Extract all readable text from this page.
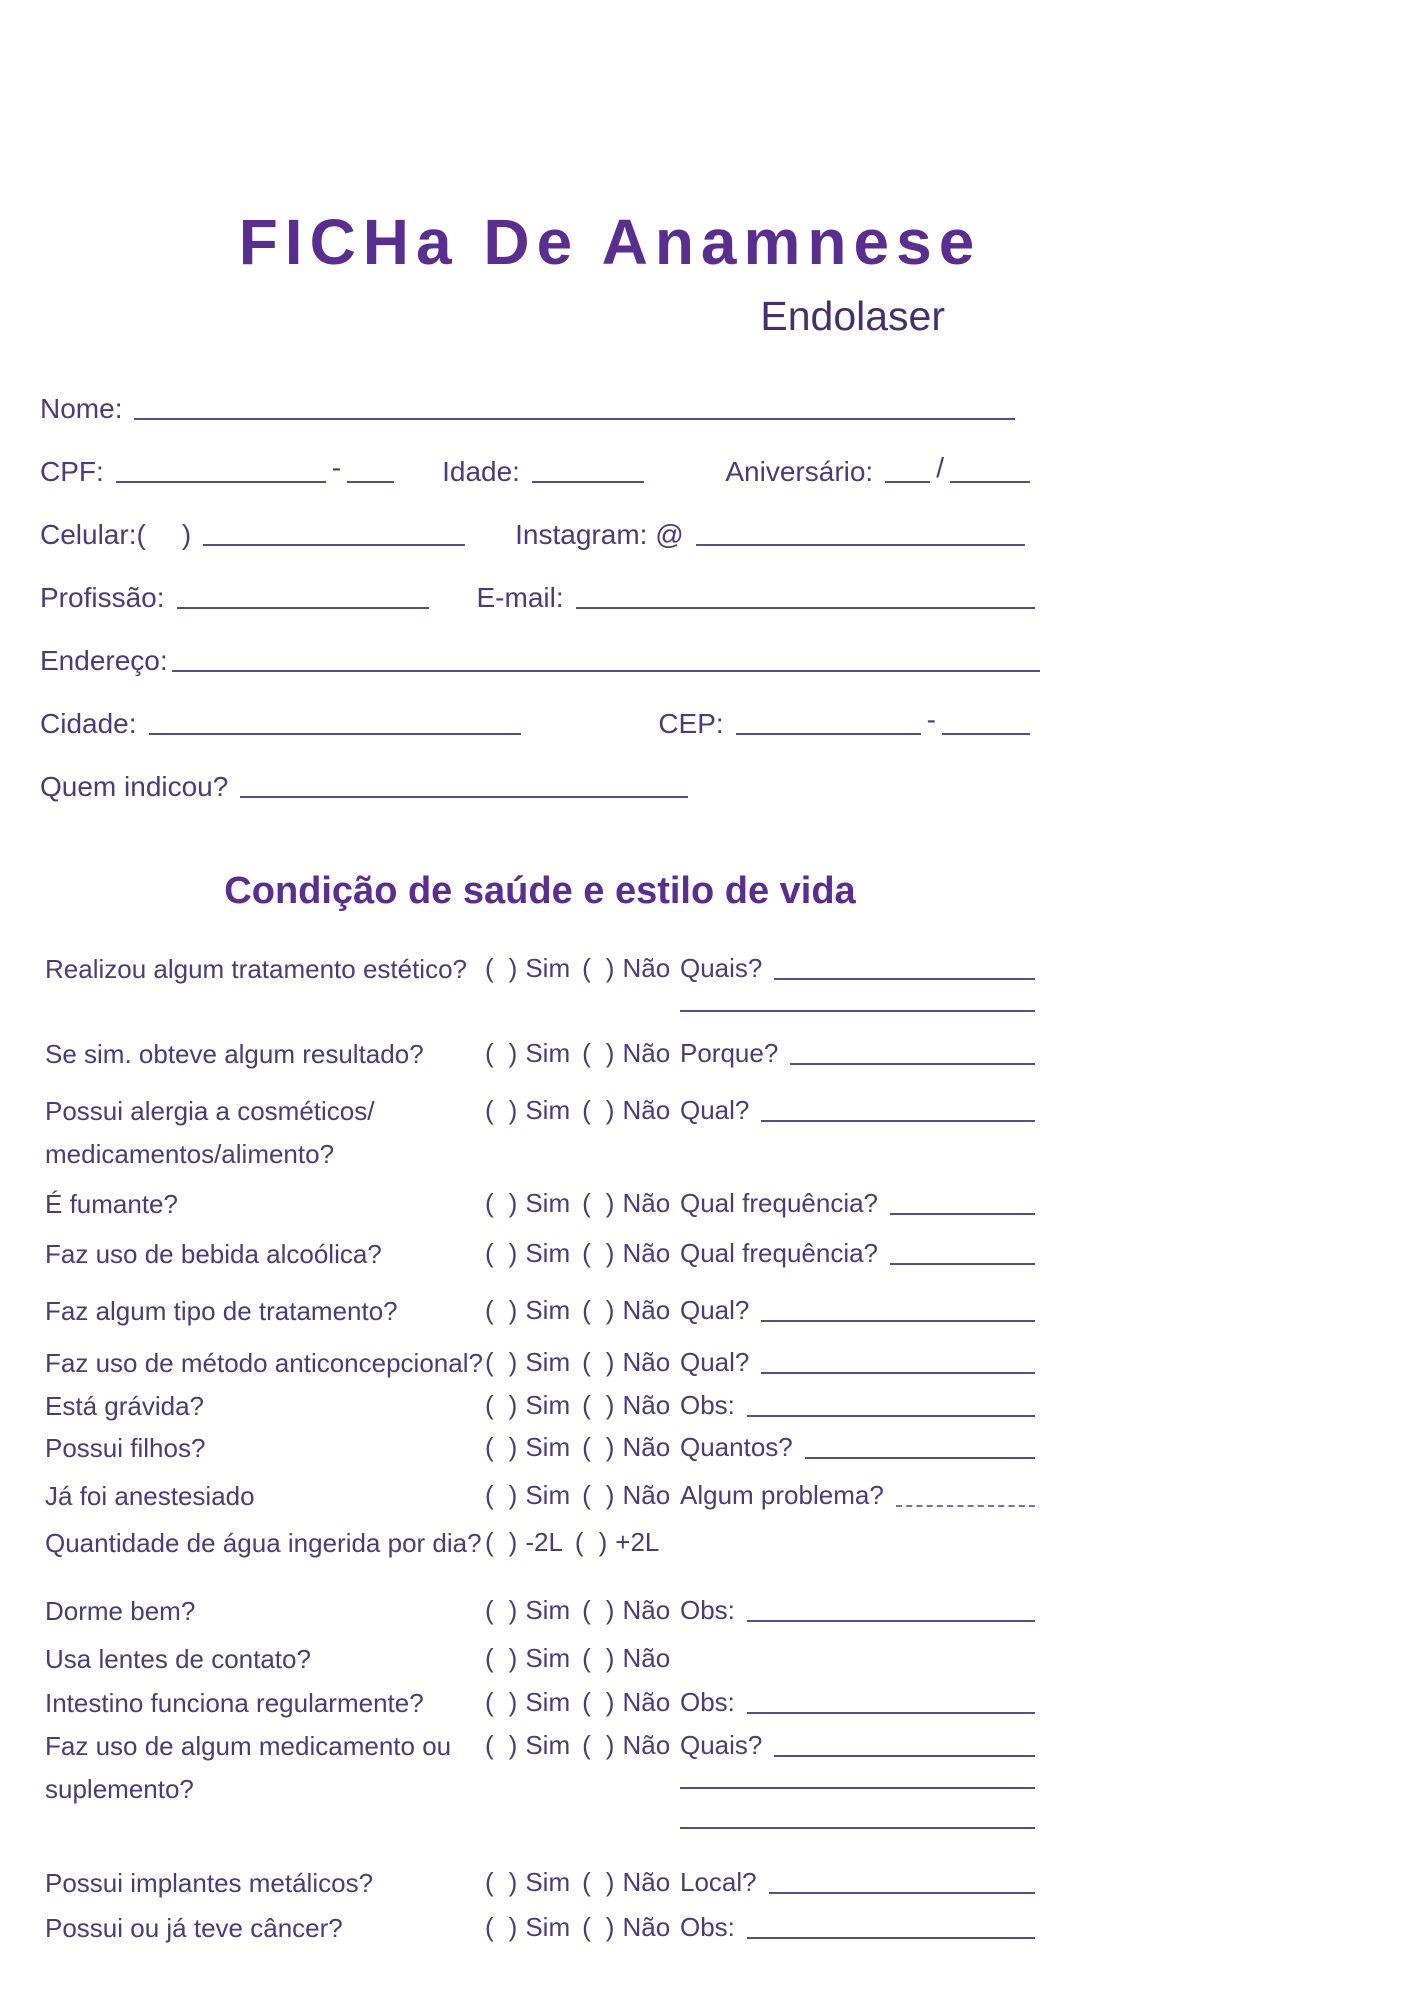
FICHa De Anamnese
Endolaser
Nome:
CPF:	-	Idade:	Aniversário: /
Celular:( )	Instagram: @
Profissão:	E-mail:
Endereço:
Cidade:	CEP:	-
Quem indicou?
Condição de saúde e estilo de vida
Realizou algum tratamento estético? ( ) Sim ( ) Não Quais?
Se sim. obteve algum resultado?	( ) Sim ( ) Não Porque?
Possui alergia a cosméticos/
medicamentos/alimento?
( ) Sim ( ) Não Qual?
É fumante?	( ) Sim ( ) Não Qual frequência?
Faz uso de bebida alcoólica?	( ) Sim ( ) Não Qual frequência?
Faz algum tipo de tratamento?	( ) Sim ( ) Não Qual?
Faz uso de método anticoncepcional? ( ) Sim ( ) Não Qual?
Está grávida?	( ) Sim ( ) Não Obs:
Possui filhos?	( ) Sim ( ) Não Quantos?
Já foi anestesiado	( ) Sim ( ) Não Algum problema?
Quantidade de água ingerida por dia? ( ) -2L ( ) +2L
Dorme bem?	( ) Sim ( ) Não Obs:
Usa lentes de contato?	( ) Sim ( ) Não
Intestino funciona regularmente?	( ) Sim ( ) Não Obs:
Faz uso de algum medicamento ou
suplemento?
( ) Sim ( ) Não Quais?
Possui implantes metálicos?	( ) Sim ( ) Não Local?
Possui ou já teve câncer?	( ) Sim ( ) Não Obs:
